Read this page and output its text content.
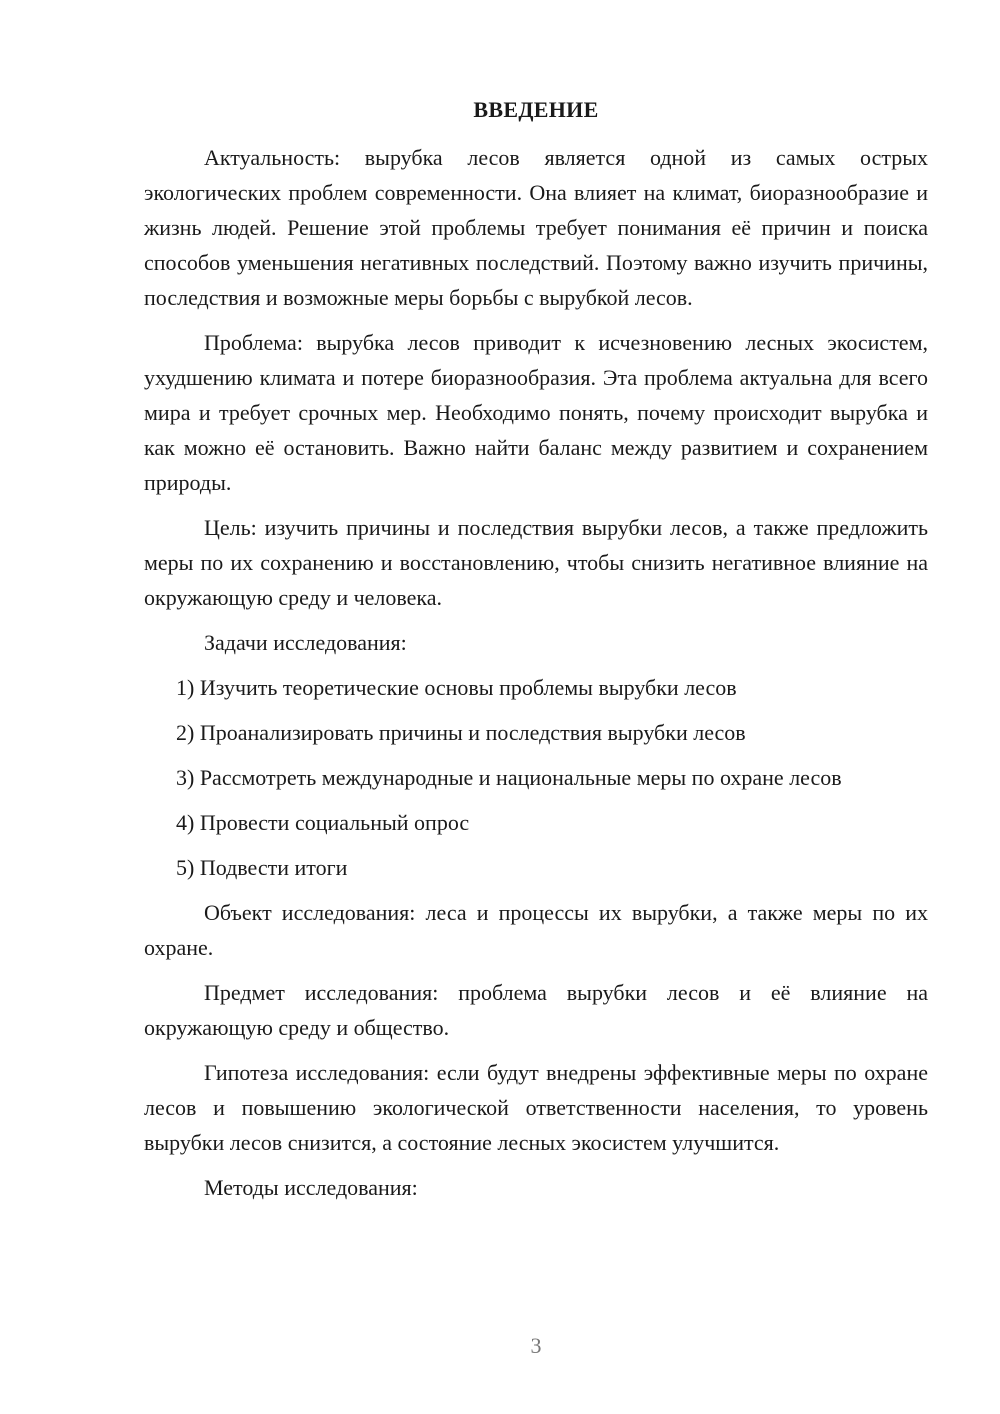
ВВЕДЕНИЕ

Актуальность: вырубка лесов является одной из самых острых экологических проблем современности. Она влияет на климат, биоразнообразие и жизнь людей. Решение этой проблемы требует понимания её причин и поиска способов уменьшения негативных последствий. Поэтому важно изучить причины, последствия и возможные меры борьбы с вырубкой лесов.

Проблема: вырубка лесов приводит к исчезновению лесных экосистем, ухудшению климата и потере биоразнообразия. Эта проблема актуальна для всего мира и требует срочных мер. Необходимо понять, почему происходит вырубка и как можно её остановить. Важно найти баланс между развитием и сохранением природы.

Цель: изучить причины и последствия вырубки лесов, а также предложить меры по их сохранению и восстановлению, чтобы снизить негативное влияние на окружающую среду и человека.

Задачи исследования:

1) Изучить теоретические основы проблемы вырубки лесов

2) Проанализировать причины и последствия вырубки лесов

3) Рассмотреть международные и национальные меры по охране лесов

4) Провести социальный опрос

5) Подвести итоги

Объект исследования: леса и процессы их вырубки, а также меры по их охране.

Предмет исследования: проблема вырубки лесов и её влияние на окружающую среду и общество.

Гипотеза исследования: если будут внедрены эффективные меры по охране лесов и повышению экологической ответственности населения, то уровень вырубки лесов снизится, а состояние лесных экосистем улучшится.

Методы исследования:

3
